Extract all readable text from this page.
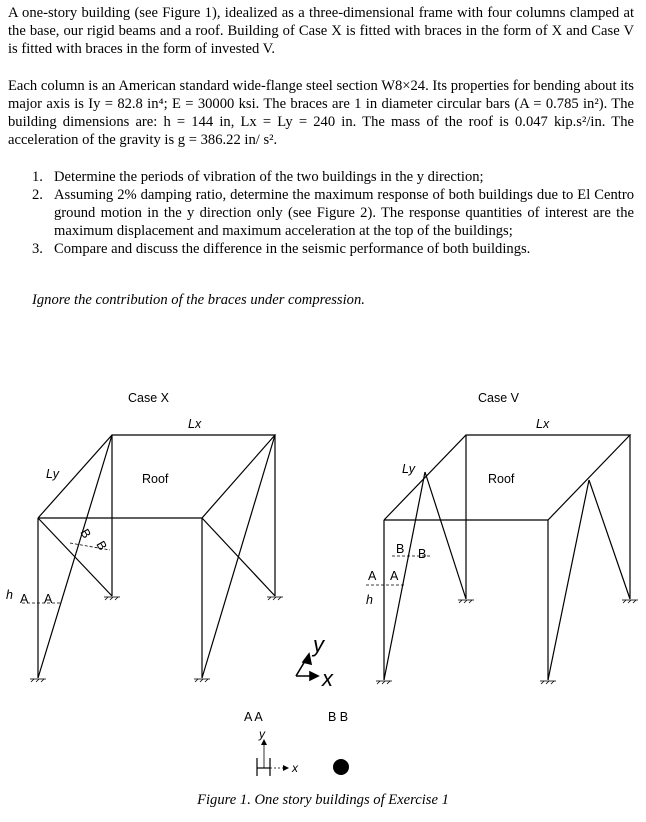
A one-story building (see Figure 1), idealized as a three-dimensional frame with four columns clamped at the base, our rigid beams and a roof. Building of Case X is fitted with braces in the form of X and Case V is fitted with braces in the form of invested V.

Each column is an American standard wide-flange steel section W8×24. Its properties for bending about its major axis is Iy = 82.8 in⁴; E = 30000 ksi. The braces are 1 in diameter circular bars (A = 0.785 in²). The building dimensions are: h = 144 in, Lx = Ly = 240 in. The mass of the roof is 0.047 kip.s²/in. The acceleration of the gravity is g = 386.22 in/ s².

1. Determine the periods of vibration of the two buildings in the y direction;
2. Assuming 2% damping ratio, determine the maximum response of both buildings due to El Centro ground motion in the y direction only (see Figure 2). The response quantities of interest are the maximum displacement and maximum acceleration at the top of the buildings;
3. Compare and discuss the difference in the seismic performance of both buildings.

Ignore the contribution of the braces under compression.

Case X
Lx
Ly	Roof
h A A
B
B
Case V
Lx
Ly
Roof
h
A A
B B
y
x
A A	B B
y
x

Figure 1. One story buildings of Exercise 1
